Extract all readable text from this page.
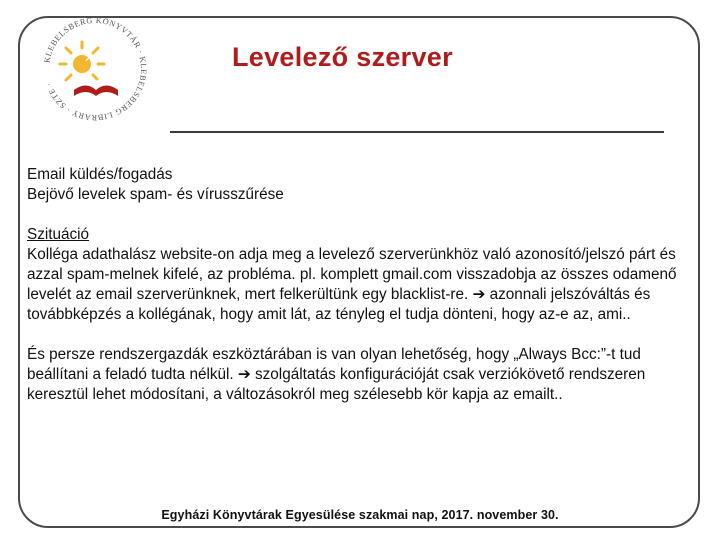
KLEBELSBERG KÖNYVTÁR · KLEBELSBERG LIBRARY · SZTE ·
Levelező szerver

Email küldés/fogadás

Bejövő levelek spam- és vírusszűrése

Szituáció

Kolléga adathalász website-on adja meg a levelező szerverünkhöz való azonosító/jelszó párt és azzal spam-melnek kifelé, az probléma. pl. komplett gmail.com visszadobja az összes odamenő levelét az email szerverünknek, mert felkerültünk egy blacklist-re. ➔ azonnali jelszóváltás és továbbképzés a kollégának, hogy amit lát, az tényleg el tudja dönteni, hogy az-e az, ami..

És persze rendszergazdák eszköztárában is van olyan lehetőség, hogy „Always Bcc:”-t tud beállítani a feladó tudta nélkül. ➔ szolgáltatás konfigurációját csak verziókövető rendszeren keresztül lehet módosítani, a változásokról meg szélesebb kör kapja az emailt..

Egyházi Könyvtárak Egyesülése szakmai nap, 2017. november 30.
